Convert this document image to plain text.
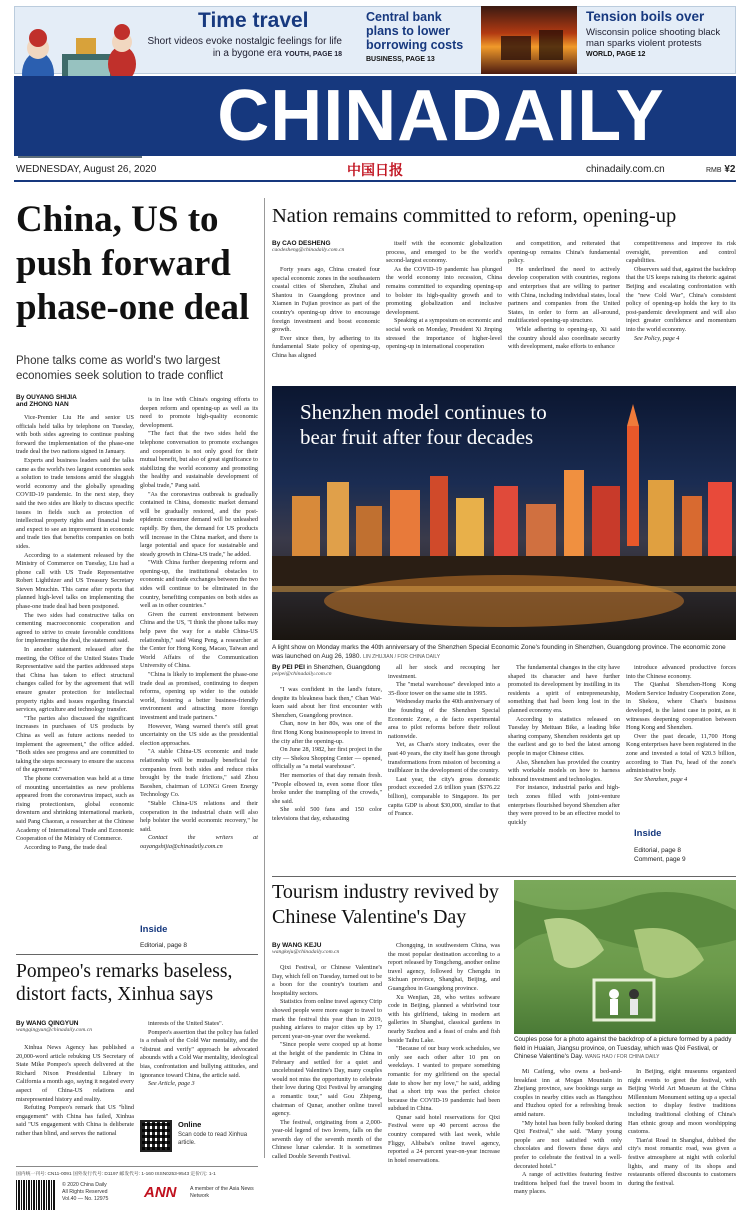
Time travel
Short videos evoke nostalgic feelings for life in a bygone era YOUTH, PAGE 18
Central bank plans to lower borrowing costs
BUSINESS, PAGE 13
Tension boils over
Wisconsin police shooting black man sparks violent protests
WORLD, PAGE 12
CHINADAILY
中国日报
WEDNESDAY, August 26, 2020	chinadaily.com.cn	RMB ¥2
China, US to push forward phase-one deal
Phone talks come as world's two largest economies seek solution to trade conflict
By OUYANG SHIJIA
and ZHONG NAN

Vice-Premier Liu He and senior US officials held talks by telephone on Tuesday, with both sides agreeing to continue pushing forward the implementation of the phase-one trade deal the two nations signed in January.

Experts and business leaders said the talks came as the world's two largest economies seek a solution to trade tensions amid the sluggish world economy and the globally spreading COVID-19 pandemic. In the next step, they said the two sides are likely to discuss specific issues in fields such as protection of intellectual property rights and financial trade and expect to see an improvement in economic and trade ties that benefits companies on both sides.

According to a statement released by the Ministry of Commerce on Tuesday, Liu had a phone call with US Trade Representative Robert Lighthizer and US Treasury Secretary Steven Mnuchin. This came after reports that planned high-level talks on implementing the phase-one trade deal had been postponed.

The two sides had constructive talks on cementing macroeconomic cooperation and agreed to strive to create favorable conditions for implementing the deal, the statement said.

In another statement released after the meeting, the Office of the United States Trade Representative said the parties addressed steps that China has taken to effect structural changes called for by the agreement that will ensure greater protection for intellectual property rights and issues regarding financial services, agriculture and technology transfer.

"The parties also discussed the significant increases in purchases of US products by China as well as future actions needed to implement the agreement," the office added. "Both sides see progress and are committed to taking the steps necessary to ensure the success of the agreement."

The phone conversation was held at a time of mounting uncertainties as new problems appeared from the coronavirus impact, such as rising protectionism, global economic downturn and shrinking international markets, said Pang Chaoran, a researcher at the Chinese Academy of International Trade and Economic Cooperation of the Ministry of Commerce.

According to Pang, the trade deal

is in line with China's ongoing efforts to deepen reform and opening-up as well as its need to promote high-quality economic development.

"The fact that the two sides held the telephone conversation to promote exchanges and cooperation is not only good for their mutual benefit, but also of great significance to stabilizing the world economy and promoting the healthy and sustainable development of global trade," Pang said.

"As the coronavirus outbreak is gradually contained in China, domestic market demand will be gradually restored, and the post-epidemic consumer demand will be unleashed rapidly. By then, the demand for US products will increase in the China market, and there is large potential and space for sustainable and steady growth in China-US trade," he added.

"With China further deepening reform and opening-up, the institutional obstacles to economic and trade exchanges between the two sides will continue to be eliminated in the country, benefiting companies on both sides as well as in other countries."

Given the current environment between China and the US, "I think the phone talks may help pave the way for a stable China-US relationship," said Wang Peng, a researcher at the Center for Hong Kong, Macao, Taiwan and World Affairs of the Communication University of China.

"China is likely to implement the phase-one trade deal as promised, continuing to deepen reforms, opening up wider to the outside world, fostering a better business-friendly environment and attracting more foreign investment and trade partners."

However, Wang warned there's still great uncertainty on the US side as the presidential election approaches.

"A stable China-US economic and trade relationship will be mutually beneficial for companies from both sides and reduce risks brought by the trade frictions," said Zhou Baoshen, chairman of LONGi Green Energy Technology Co.

"Stable China-US relations and their cooperation in the industrial chain will also help bolster the world economic recovery," he said.

Contact the writers at ouyangshijia@chinadaily.com.cn

Inside
Editorial, page 8
Pompeo's remarks baseless, distort facts, Xinhua says
By WANG QINGYUN
wangqingyun@chinadaily.com.cn

Xinhua News Agency has published a 20,000-word article rebuking US Secretary of State Mike Pompeo's speech delivered at the Richard Nixon Presidential Library in California a month ago, saying it negated every aspect of China-US relations and misrepresented history and reality.

Refuting Pompeo's remark that US "blind engagement" with China has failed, Xinhua said "US engagement with China is deliberate rather than blind, and serves the national

interests of the United States".

Pompeo's assertion that the policy has failed is a rehash of the Cold War mentality, and the "distrust and verify" approach he advocated abounds with a Cold War mentality, ideological bias, confrontation and bullying attitudes, and ignorance toward China, the article said.

See Article, page 3

Online
Scan code to read Xinhua article.
Nation remains committed to reform, opening-up
By CAO DESHENG
caodesheng@chinadaily.com.cn

Forty years ago, China created four special economic zones in the southeastern coastal cities of Shenzhen, Zhuhai and Shantou in Guangdong province and Xiamen in Fujian province as part of the country's opening-up drive to encourage foreign investment and boost economic growth.

Ever since then, by adhering to its fundamental State policy of opening-up, China has aligned

itself with the economic globalization process, and emerged to be the world's second-largest economy.

As the COVID-19 pandemic has plunged the world economy into recession, China remains committed to expanding opening-up to bolster its high-quality growth and to promoting globalization and inclusive development.

Speaking at a symposium on economic and social work on Monday, President Xi Jinping stressed the importance of higher-level opening-up in international cooperation

and competition, and reiterated that opening-up remains China's fundamental policy.

He underlined the need to actively develop cooperation with countries, regions and enterprises that are willing to partner with China, including individual states, local partners and companies from the United States, in order to form an all-around, multifaceted opening-up structure.

While adhering to opening-up, Xi said the country should also coordinate security with development, make efforts to enhance

competitiveness and improve its risk oversight, prevention and control capabilities.

Observers said that, against the backdrop that the US keeps raising its rhetoric against Beijing and escalating confrontation with the "new Cold War", China's consistent policy of opening-up holds the key to its post-pandemic development and will also inject greater confidence and momentum into the world economy.

See Policy, page 4

Shenzhen model continues to bear fruit after four decades
A light show on Monday marks the 40th anniversary of the Shenzhen Special Economic Zone's founding in Shenzhen, Guangdong province. The economic zone was launched on Aug 26, 1980. LIN ZHUJIAN / FOR CHINA DAILY
By PEI PEI in Shenzhen, Guangdong
peipei@chinadaily.com.cn

"I was confident in the land's future, despite its bleakness back then," Chan Wai-kuen said about her first encounter with Shenzhen, Guangdong province.

Chan, now in her 80s, was one of the first Hong Kong businesspeople to invest in the city after the opening-up.

On June 28, 1982, her first project in the city — Shekou Shopping Center — opened, officially as "a metal warehouse".

Her memories of that day remain fresh. "People elbowed in, even some floor tiles broke under the trampling of the crowds," she said.

She sold 500 fans and 150 color televisions that day, exhausting

all her stock and recouping her investment.

The "metal warehouse" developed into a 35-floor tower on the same site in 1995.

Wednesday marks the 40th anniversary of the founding of the Shenzhen Special Economic Zone, a de facto experimental area to pilot reforms before their rollout nationwide.

Yet, as Chan's story indicates, over the past 40 years, the city itself has gone through transformations from mission of becoming a trailblazer in the development of the country.

Last year, the city's gross domestic product exceeded 2.6 trillion yuan ($376.22 billion), comparable to Singapore. Its per capita GDP is about $30,000, similar to that of France.

The fundamental changes in the city have shaped its character and have further promoted its development by instilling in its residents a spirit of entrepreneurship, something that had been long lost in the planned economy era.

According to statistics released on Tuesday by Meituan Bike, a leading bike sharing company, Shenzhen residents get up the earliest and go to bed the latest among people in major Chinese cities.

Also, Shenzhen has provided the country with workable models on how to harness inbound investment and technologies.

For instance, industrial parks and high-tech zones filled with joint-venture enterprises flourished beyond Shenzhen after they were proved to be an effective model to quickly

introduce advanced productive forces into the Chinese economy.

The Qianhai Shenzhen-Hong Kong Modern Service Industry Cooperation Zone, in Shekou, where Chan's business developed, is the latest case in point, as it witnesses deepening cooperation between Hong Kong and Shenzhen.

Over the past decade, 11,700 Hong Kong enterprises have been registered in the zone and invested a total of ¥20.3 billion, according to Tian Fu, head of the zone's administrative body.

See Shenzhen, page 4

Inside
Editorial, page 8
Comment, page 9
Tourism industry revived by Chinese Valentine's Day
By WANG KEJU
wangkeju@chinadaily.com.cn

Qixi Festival, or Chinese Valentine's Day, which fell on Tuesday, turned out to be a boon for the country's tourism and hospitality sectors.

Statistics from online travel agency Ctrip showed people were more eager to travel to mark the festival this year than in 2019, pushing airfares to major cities up by 17 percent year-on-year over the weekend.

"Since people were cooped up at home at the height of the pandemic in China in February and settled for a quiet and uncelebrated Valentine's Day, many couples would not miss the opportunity to celebrate their love during Qixi Festival by arranging a romantic tour," said Gou Zhipeng, chairman of Qunar, another online travel agency.

The festival, originating from a 2,000-year-old legend of two lovers, falls on the seventh day of the seventh month of the Chinese lunar calendar. It is sometimes called Double Seventh Festival.

Chongqing, in southwestern China, was the most popular destination according to a report released by Tongcheng, another online travel agency, followed by Chengdu in Sichuan province, Shanghai, Beijing, and Guangzhou in Guangdong province.

Xu Wenjian, 28, who writes software code in Beijing, planned a whirlwind tour with his girlfriend, taking in modern art galleries in Shanghai, classical gardens in nearby Suzhou and a feast of crabs and fish beside Taihu Lake.

"Because of our busy work schedules, we only see each other after 10 pm on weekdays. I wanted to prepare something romantic for my girlfriend on the special date to show her my love," he said, adding that a short trip was the perfect choice because the COVID-19 pandemic had been subdued in China.

Qunar said hotel reservations for Qixi Festival were up 40 percent across the country compared with last week, while Fliggy, Alibaba's online travel agency, reported a 24 percent year-on-year increase in hotel reservations.

Couples pose for a photo against the backdrop of a picture formed by a paddy field in Huaian, Jiangsu province, on Tuesday, which was Qixi Festival, or Chinese Valentine's Day. WANG HAO / FOR CHINA DAILY

Mi Caifeng, who owns a bed-and-breakfast inn at Mogan Mountain in Zhejiang province, saw bookings surge as couples in nearby cities such as Hangzhou and Huzhou opted for a refreshing break amid nature.

"My hotel has been fully booked during Qixi Festival," she said. "Many young people are not satisfied with only chocolates and flowers these days and prefer to celebrate the festival in a well-decorated hotel."

A range of activities featuring festive traditions helped fuel the travel boom in many places.

In Beijing, eight museums organized night events to greet the festival, with Beijing World Art Museum at the China Millennium Monument setting up a special section to display festive traditions including traditional clothing of China's Han ethnic group and moon worshipping customs.

Tian'ai Road in Shanghai, dubbed the city's most romantic road, was given a festive atmosphere at night with colorful lights, and many of its shops and restaurants offered discounts to customers during the festival.

国内统一刊号: CN11-0091 国外发行代号: D1197 邮发代号: 1-160 ISSN0253-9543 定价/元: 1-1
© 2020 China Daily
All Rights Reserved
Vol.40 — No. 12975	ANN	A member of the Asia News Network
